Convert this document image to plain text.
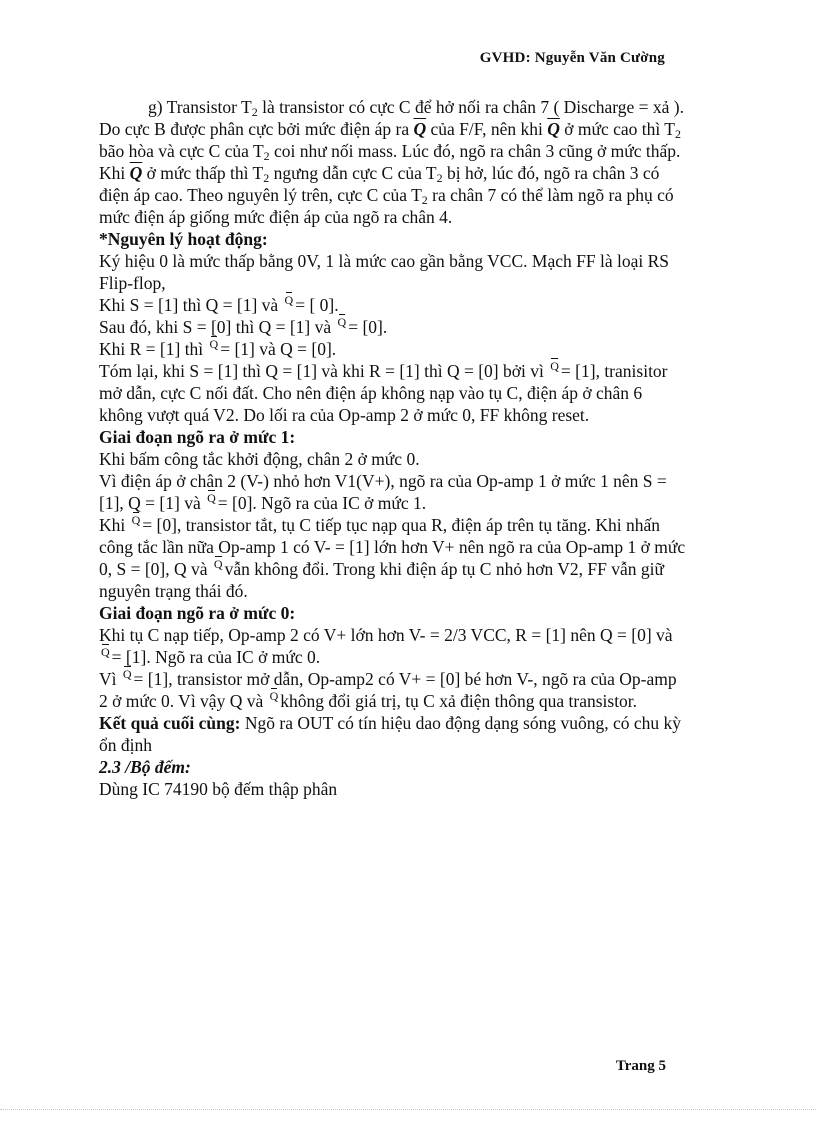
GVHD: Nguyễn Văn Cường

g) Transistor $T_2$ là transistor có cực C để hở nối ra chân 7 ( Discharge = xả ). Do cực B được phân cực bởi mức điện áp ra $\overline{Q}$ của F/F, nên khi $\overline{Q}$ ở mức cao thì $T_2$ bão hòa và cực C của $T_2$ coi như nối mass. Lúc đó, ngõ ra chân 3 cũng ở mức thấp. Khi $\overline{Q}$ ở mức thấp thì $T_2$ ngưng dẫn cực C của $T_2$ bị hở, lúc đó, ngõ ra chân 3 có điện áp cao. Theo nguyên lý trên, cực C của $T_2$ ra chân 7 có thể làm ngõ ra phụ có mức điện áp giống mức điện áp của ngõ ra chân 4.

*Nguyên lý hoạt động:

Ký hiệu 0 là mức thấp bằng 0V, 1 là mức cao gần bằng VCC. Mạch FF là loại RS Flip-flop,

Khi S = [1] thì Q = [1] và Q = [ 0].

Sau đó, khi S = [0] thì Q = [1] và Q = [0].

Khi R = [1] thì Q = [1] và Q = [0].

Tóm lại, khi S = [1] thì Q = [1] và khi R = [1] thì Q = [0] bởi vì Q = [1], tranisitor mở dẫn, cực C nối đất. Cho nên điện áp không nạp vào tụ C, điện áp ở chân 6 không vượt quá V2. Do lối ra của Op-amp 2 ở mức 0, FF không reset.

Giai đoạn ngõ ra ở mức 1:

Khi bấm công tắc khởi động, chân 2 ở mức 0.

Vì điện áp ở chân 2 (V-) nhỏ hơn V1(V+), ngõ ra của Op-amp 1 ở mức 1 nên S = [1], Q = [1] và Q = [0]. Ngõ ra của IC ở mức 1.

Khi Q = [0], transistor tắt, tụ C tiếp tục nạp qua R, điện áp trên tụ tăng. Khi nhấn công tắc lần nữa Op-amp 1 có V- = [1] lớn hơn V+ nên ngõ ra của Op-amp 1 ở mức 0, S = [0], Q và Q vẫn không đổi. Trong khi điện áp tụ C nhỏ hơn V2, FF vẫn giữ nguyên trạng thái đó.

Giai đoạn ngõ ra ở mức 0:

Khi tụ C nạp tiếp, Op-amp 2 có V+ lớn hơn V- = 2/3 VCC, R = [1] nên Q = [0] và Q = [1]. Ngõ ra của IC ở mức 0.

Vì Q = [1], transistor mở dẫn, Op-amp2 có V+ = [0] bé hơn V-, ngõ ra của Op-amp 2 ở mức 0. Vì vậy Q và Q không đổi giá trị, tụ C xả điện thông qua transistor.

Kết quả cuối cùng: Ngõ ra OUT có tín hiệu dao động dạng sóng vuông, có chu kỳ ổn định

2.3 /Bộ đếm:

Dùng IC 74190 bộ đếm thập phân

Trang 5
